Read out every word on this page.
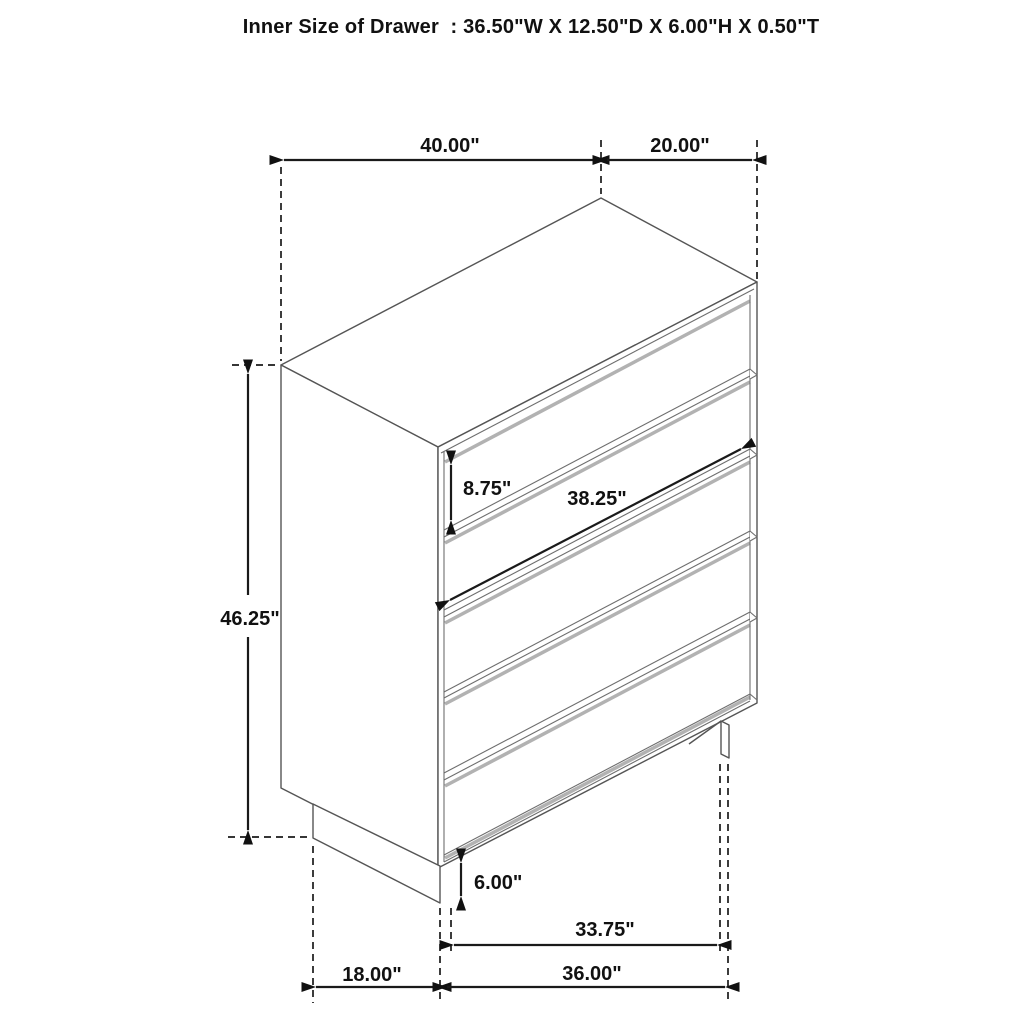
Inner Size of Drawer  : 36.50"W X 12.50"D X 6.00"H X 0.50"T
40.00"	20.00"
46.25"
8.75"	38.25"
6.00"
33.75"
18.00"	36.00"
